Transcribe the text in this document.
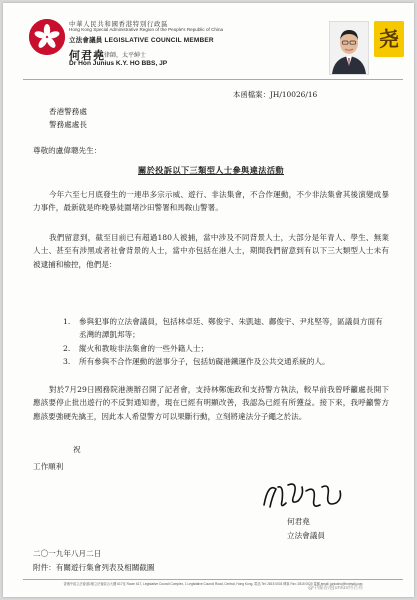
中華人民共和國香港特別行政區
Hong Kong Special Administrative Region of the People's Republic of China
立法會議員 LEGISLATIVE COUNCIL MEMBER
何君堯 律師，太平紳士
Dr Hon Junius K.Y. HO BBS, JP
尧
本函檔案：JH/10026/16
香港警務處
警務處處長
尊敬的盧偉聰先生：
關於投訴以下三類型人士參與違法活動
今年六至七月底發生的一連串多宗示威、遊行、非法集會，不合作運動，不少非法集會其後演變成暴力事件，最新就是昨晚暴徒圍堵沙田警署和馬鞍山警署。
我們留意到，截至目前已有超過180人被捕，當中涉及不同背景人士，大部分是年青人、學生、無業人士、甚至有涉黑或者社會背景的人士，當中亦包括在港人士，期間我們留意到有以下三大類型人士未有被逮捕和檢控，他們是：
1. 參與犯事的立法會議員，包括林卓廷、鄭俊宇、朱凱廸、鄺俊宇、尹兆堅等，區議員方面有丞灣的譚凱邦等；
2. 縱火和教唆非法集會的一些外籍人士；
3. 所有參與不合作運動的滋事分子，包括妨礙港鐵運作及公共交通系統的人。
對於7月29日國務院港澳辦召開了記者會，支持林鄭施政和支持警方執法，較早前我曾呼籲處長開下應該要停止批出遊行的不反對通知書，現在已經有明顯改善，我認為已經有所獲益。接下來，我呼籲警方應該要強硬先擒王，因此本人希望警方可以果斷行動，立刻將違法分子繩之於法。
祝
工作順利
何君堯
立法會議員
二〇一九年八月二日
附件：有關遊行集會列表及相關截圖
香港中區立法會道1號立法會綜合大樓 617室 Room 617, Legislative Council Complex, 1 Legislative Council Road, Central, Hong Kong. 電話 Tel: 2815 0003 傳真 Fax: 2815 0020 電郵 email: juniusho@hotmail.com
@中國香港Junius何君堯
